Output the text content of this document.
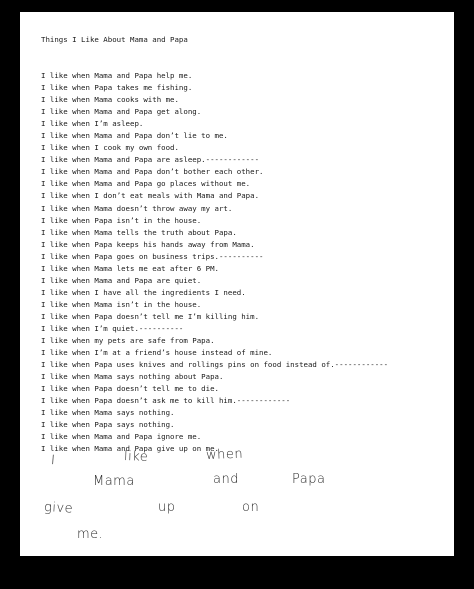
Things I Like About Mama and Papa
I like when Mama and Papa help me.
I like when Papa takes me fishing.
I like when Mama cooks with me.
I like when Mama and Papa get along.
I like when I’m asleep.
I like when Mama and Papa don’t lie to me.
I like when I cook my own food.
I like when Mama and Papa are asleep.------------
I like when Mama and Papa don’t bother each other.
I like when Mama and Papa go places without me.
I like when I don’t eat meals with Mama and Papa.
I like when Mama doesn’t throw away my art.
I like when Papa isn’t in the house.
I like when Mama tells the truth about Papa.
I like when Papa keeps his hands away from Mama.
I like when Papa goes on business trips.----------
I like when Mama lets me eat after 6 PM.
I like when Mama and Papa are quiet.
I like when I have all the ingredients I need.
I like when Mama isn’t in the house.
I like when Papa doesn’t tell me I’m killing him.
I like when I’m quiet.----------
I like when my pets are safe from Papa.
I like when I’m at a friend’s house instead of mine.
I like when Papa uses knives and rollings pins on food instead of.------------
I like when Mama says nothing about Papa.
I like when Papa doesn’t tell me to die.
I like when Papa doesn’t ask me to kill him.------------
I like when Mama says nothing.
I like when Papa says nothing.
I like when Mama and Papa ignore me.
I like when Mama and Papa give up on me.
I	like	when
Mama	and	Papa
give	up	on
me.
